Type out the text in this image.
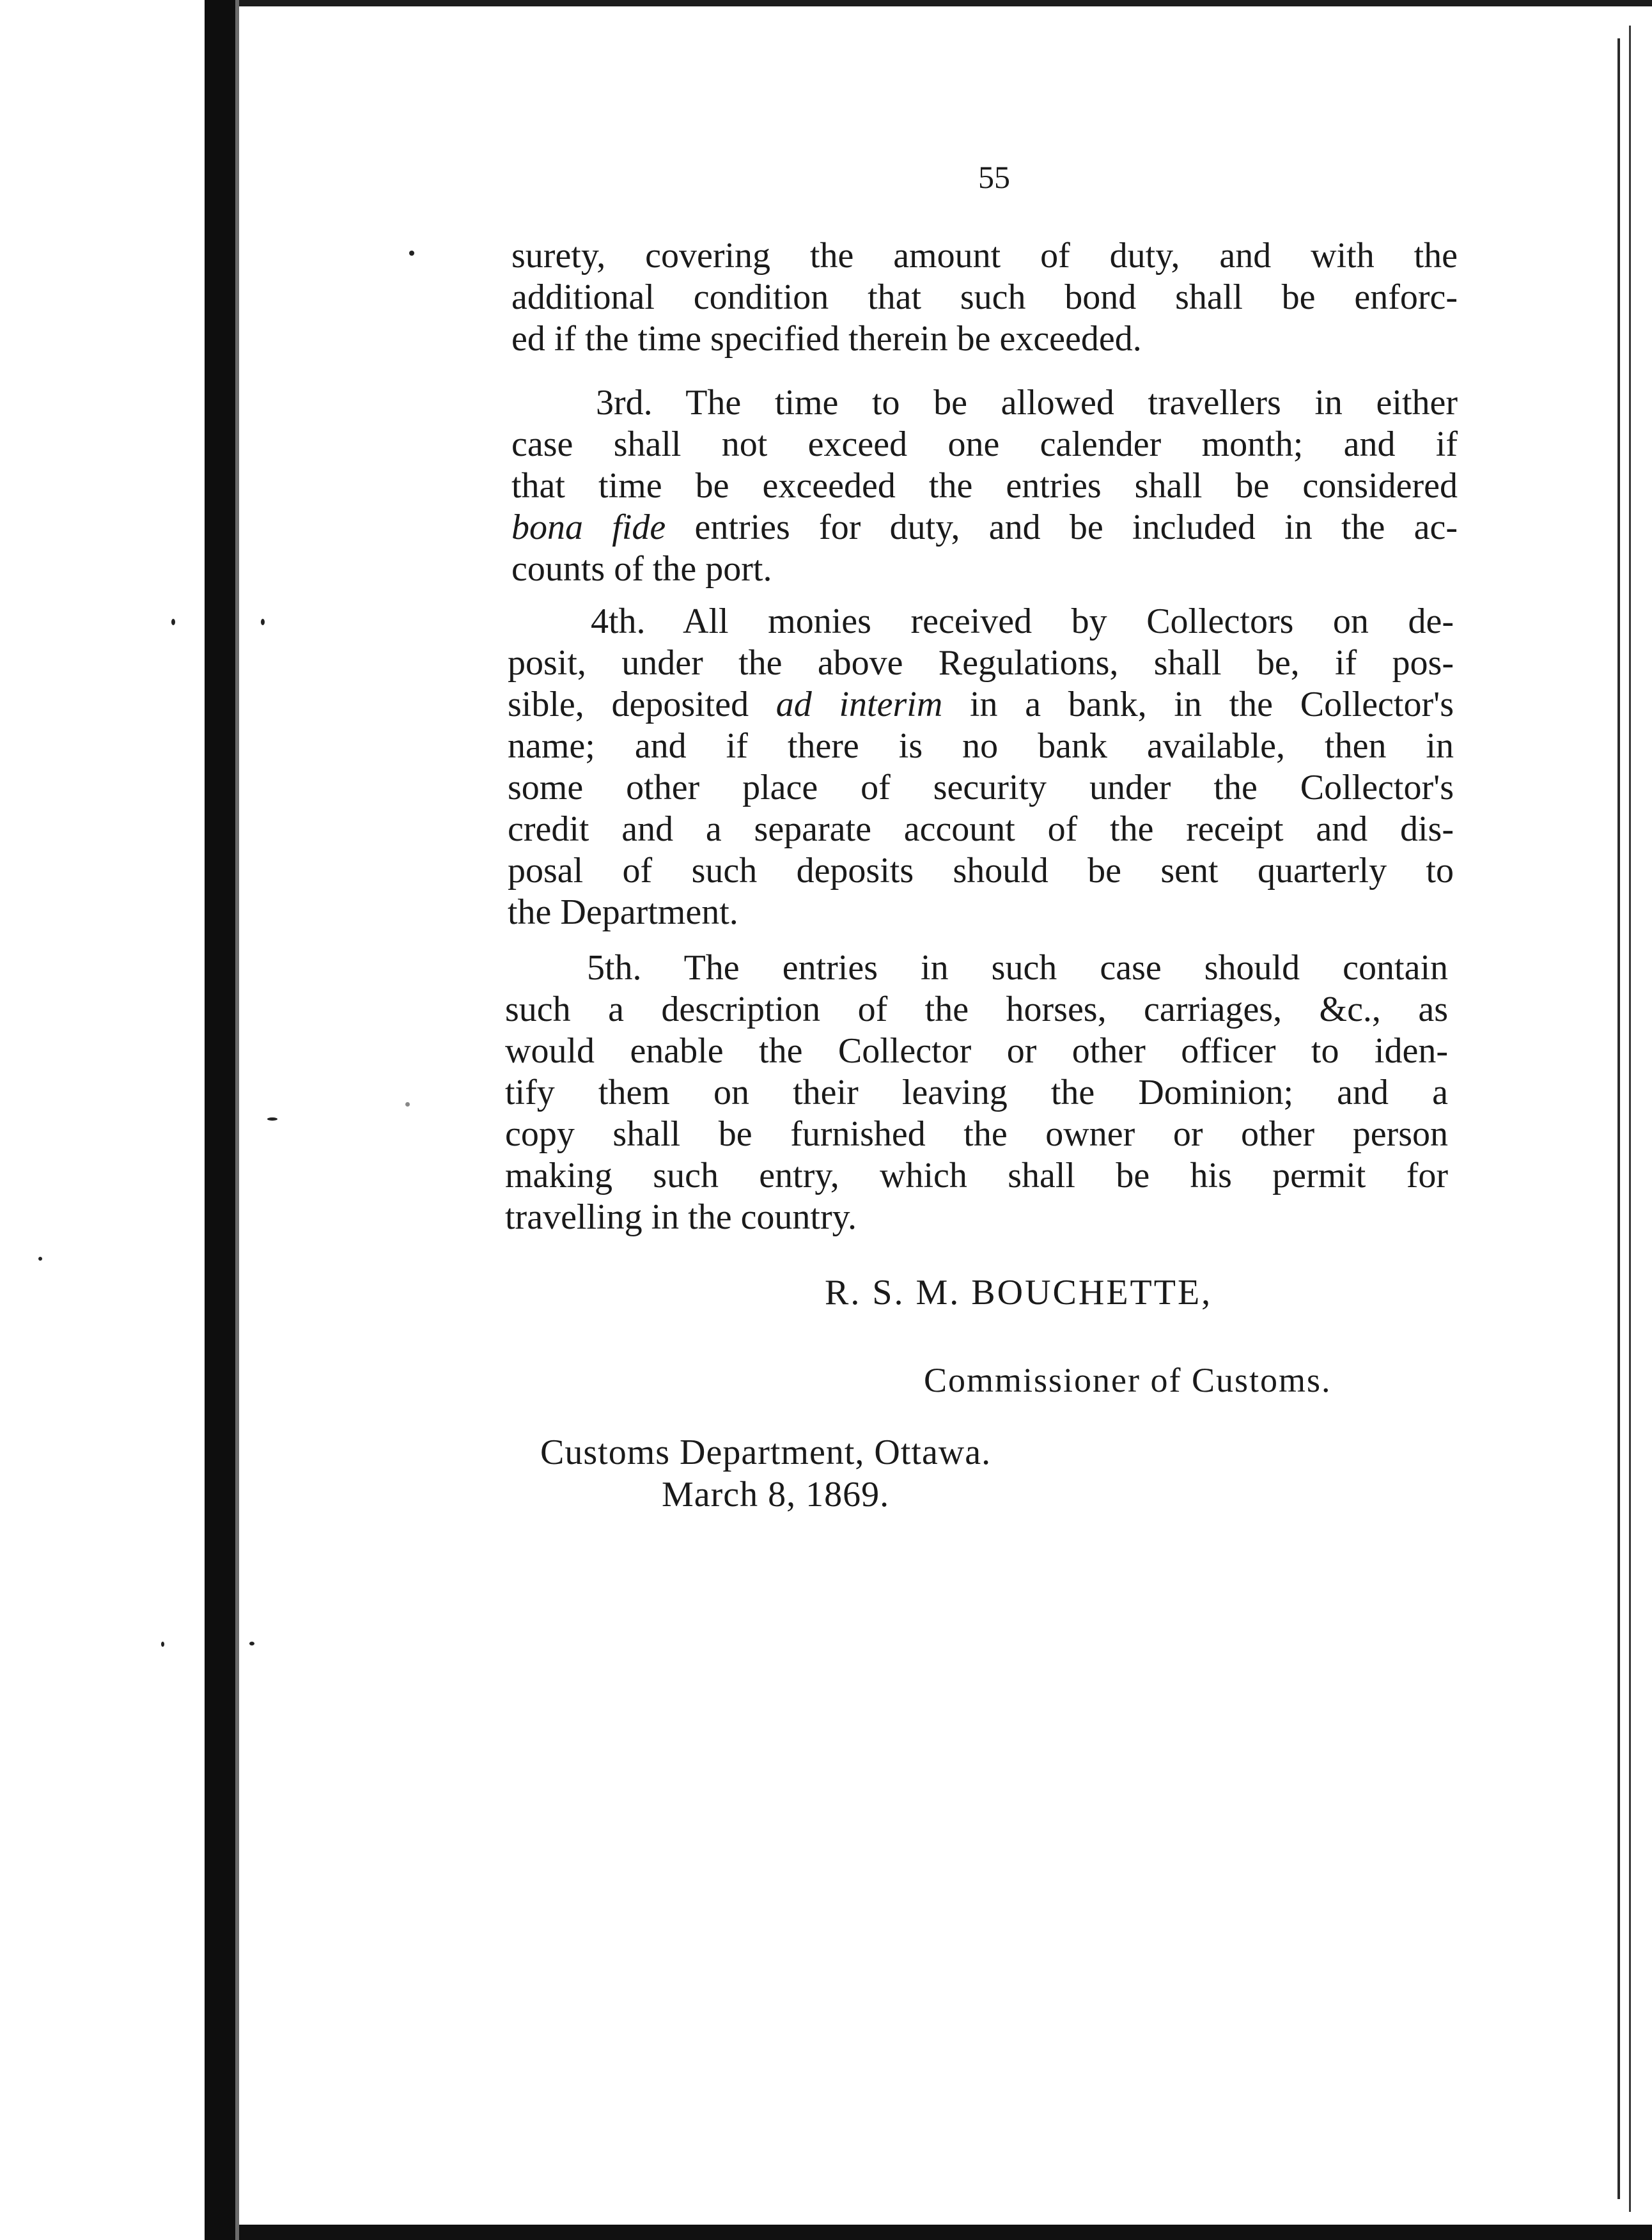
55
surety, covering the amount of duty, and with the
additional condition that such bond shall be enforc-
ed if the time specified therein be exceeded.
3rd. The time to be allowed travellers in either
case shall not exceed one calender month; and if
that time be exceeded the entries shall be considered
bona fide entries for duty, and be included in the ac-
counts of the port.
4th. All monies received by Collectors on de-
posit, under the above Regulations, shall be, if pos-
sible, deposited ad interim in a bank, in the Collector's
name; and if there is no bank available, then in
some other place of security under the Collector's
credit and a separate account of the receipt and dis-
posal of such deposits should be sent quarterly to
the Department.
5th. The entries in such case should contain
such a description of the horses, carriages, &c., as
would enable the Collector or other officer to iden-
tify them on their leaving the Dominion; and a
copy shall be furnished the owner or other person
making such entry, which shall be his permit for
travelling in the country.
R. S. M. BOUCHETTE,
Commissioner of Customs.
Customs Department, Ottawa.
March 8, 1869.
